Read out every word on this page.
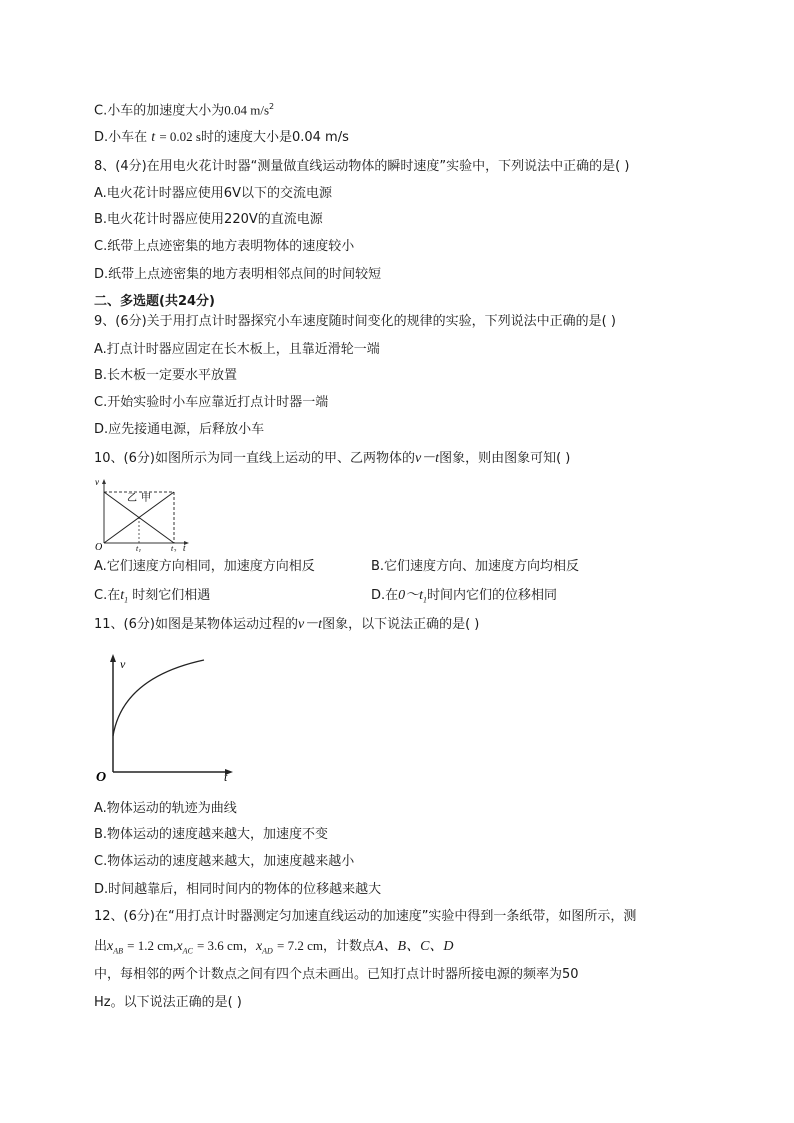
C.小车的加速度大小为0.04 $m/s^2$
D.小车在 t = 0.02 s时的速度大小是0.04 m/s
8、(4分)在用电火花计时器“测量做直线运动物体的瞬时速度”实验中，下列说法中正确的是( )
A.电火花计时器应使用6V以下的交流电源
B.电火花计时器应使用220V的直流电源
C.纸带上点迹密集的地方表明物体的速度较小
D.纸带上点迹密集的地方表明相邻点间的时间较短
二、多选题(共24分)
9、(6分)关于用打点计时器探究小车速度随时间变化的规律的实验，下列说法中正确的是( )
A.打点计时器应固定在长木板上，且靠近滑轮一端
B.长木板一定要水平放置
C.开始实验时小车应靠近打点计时器一端
D.应先接通电源，后释放小车
10、(6分)如图所示为同一直线上运动的甲、乙两物体的v－t图象，则由图象可知( )
v
乙 甲
O	$t_1$	$t_2$ t
A.它们速度方向相同，加速度方向相反	B.它们速度方向、加速度方向均相反
C.在$t_1$ 时刻它们相遇	D.在$0\sim t_1$时间内它们的位移相同
11、(6分)如图是某物体运动过程的v－t图象，以下说法正确的是( )
v
O	t
A.物体运动的轨迹为曲线
B.物体运动的速度越来越大，加速度不变
C.物体运动的速度越来越大，加速度越来越小
D.时间越靠后，相同时间内的物体的位移越来越大
12、(6分)在“用打点计时器测定匀加速直线运动的加速度”实验中得到一条纸带，如图所示，测
出$x_{AB} = 1.2$ $cm,x_{AC} = 3.6$ cm，$x_{AD} = 7.2$ cm，计数点A、B、C、D
中，每相邻的两个计数点之间有四个点未画出。已知打点计时器所接电源的频率为50
Hz。以下说法正确的是( )
